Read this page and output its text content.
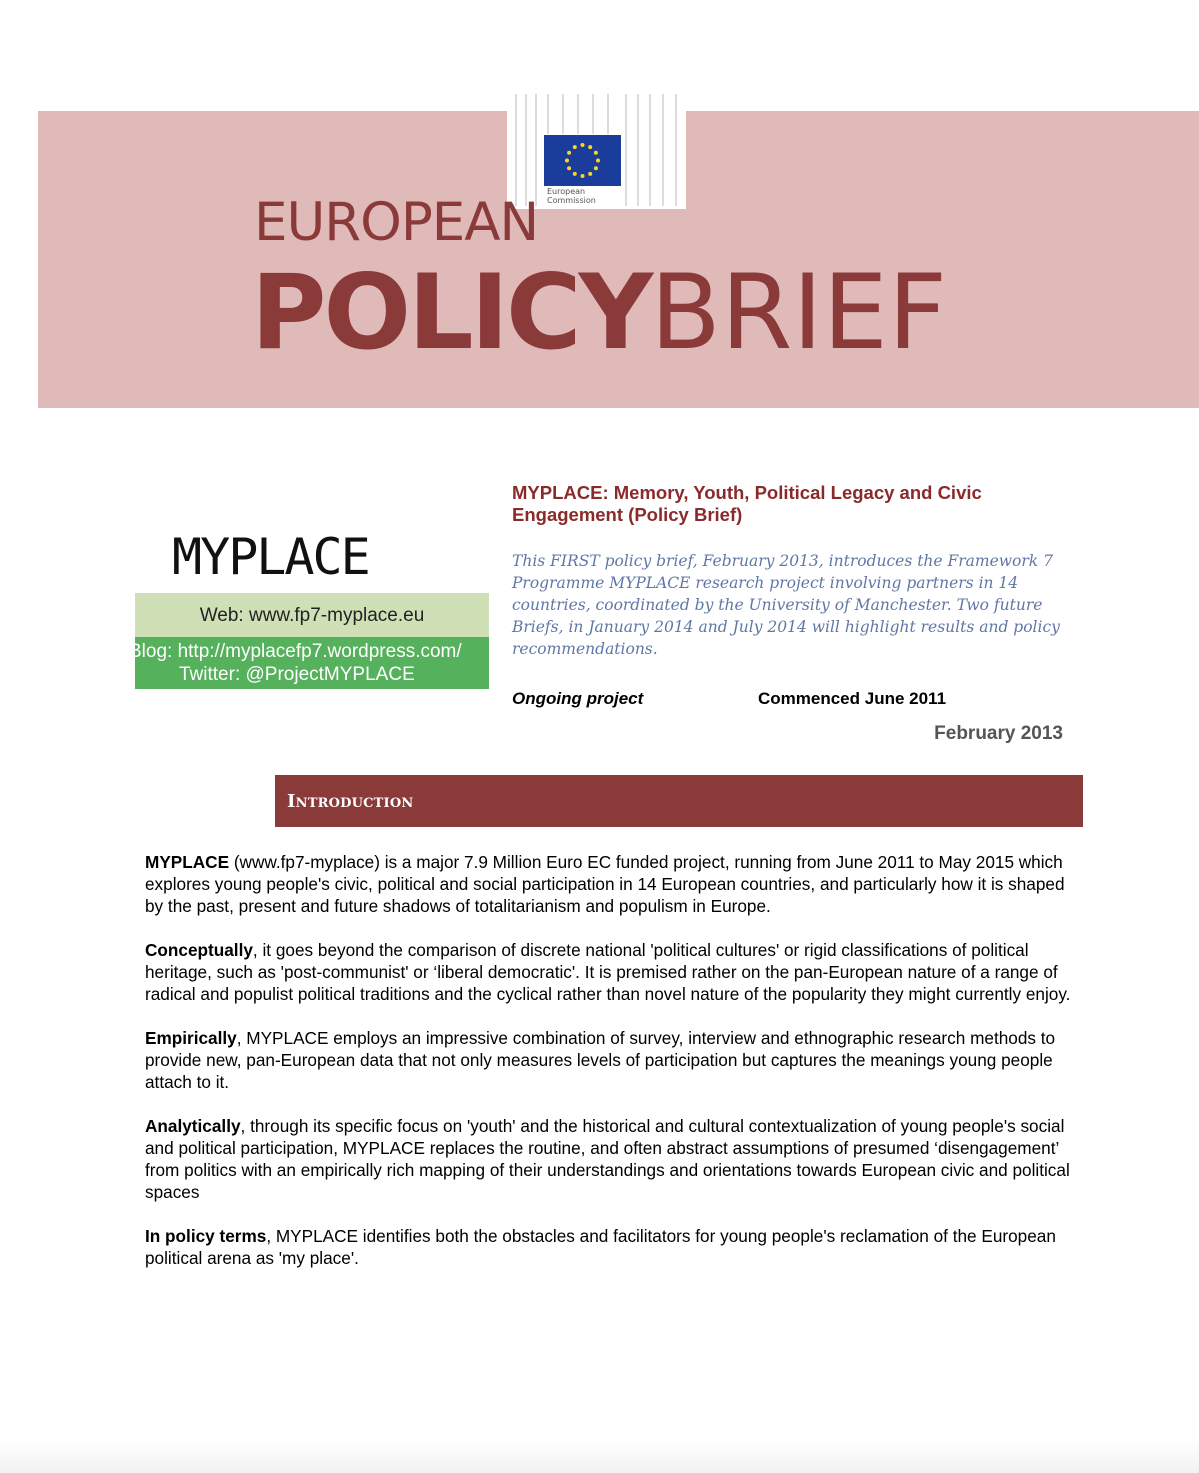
European
Commission
EUROPEAN
POLICYBRIEF
MYPLACE
Web: www.fp7-myplace.eu
Blog: http://myplacefp7.wordpress.com/
Twitter: @ProjectMYPLACE
MYPLACE: Memory, Youth, Political Legacy and Civic Engagement (Policy Brief)
This FIRST policy brief, February 2013, introduces the Framework 7 Programme MYPLACE research project involving partners in 14 countries, coordinated by the University of Manchester. Two future Briefs, in January 2014 and July 2014 will highlight results and policy recommendations.
Ongoing project	Commenced June 2011
February 2013
Introduction

MYPLACE (www.fp7-myplace) is a major 7.9 Million Euro EC funded project, running from June 2011 to May 2015 which explores young people's civic, political and social participation in 14 European countries, and particularly how it is shaped by the past, present and future shadows of totalitarianism and populism in Europe.

Conceptually, it goes beyond the comparison of discrete national 'political cultures' or rigid classifications of political heritage, such as 'post-communist' or ‘liberal democratic'. It is premised rather on the pan-European nature of a range of radical and populist political traditions and the cyclical rather than novel nature of the popularity they might currently enjoy.

Empirically, MYPLACE employs an impressive combination of survey, interview and ethnographic research methods to provide new, pan-European data that not only measures levels of participation but captures the meanings young people attach to it.

Analytically, through its specific focus on 'youth' and the historical and cultural contextualization of young people's social and political participation, MYPLACE replaces the routine, and often abstract assumptions of presumed ‘disengagement’ from politics with an empirically rich mapping of their understandings and orientations towards European civic and political spaces

In policy terms, MYPLACE identifies both the obstacles and facilitators for young people's reclamation of the European political arena as 'my place'.
